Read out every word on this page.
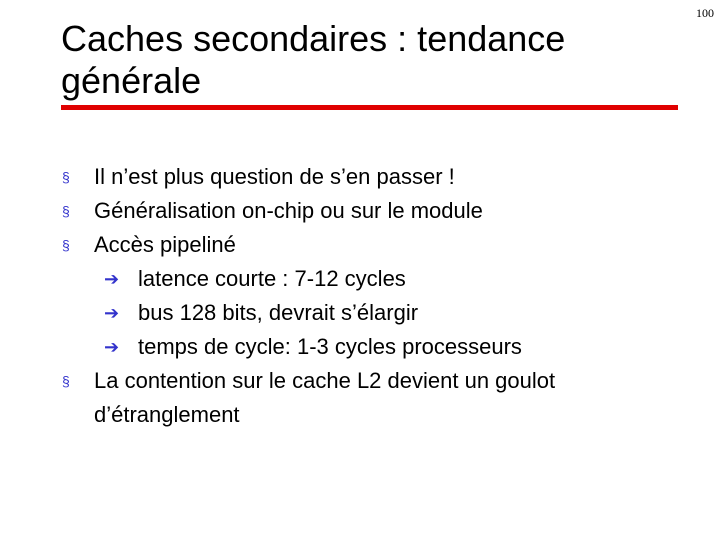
100
Caches secondaires : tendance
générale
§ Il n’est plus question de s’en passer !
§ Généralisation on-chip ou sur le module
§ Accès pipeliné
➔ latence courte : 7-12 cycles
➔ bus 128 bits, devrait s’élargir
➔ temps de cycle: 1-3 cycles processeurs
§ La contention sur le cache L2 devient un goulot d’étranglement
